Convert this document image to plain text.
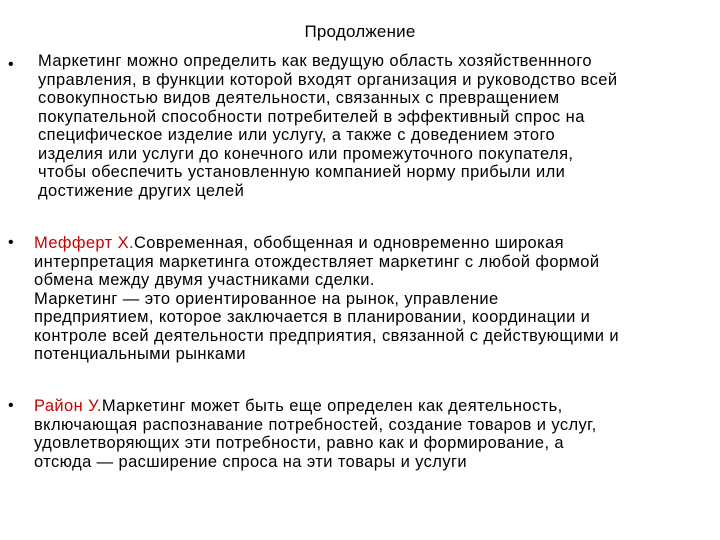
Продолжение
• Маркетинг можно определить как ведущую область хозяйственнного
управления, в функции которой входят организация и руководство всей
совокупностью видов деятельности, связанных с превращением
покупательной способности потребителей в эффективный спрос на
специфическое изделие или услугу, а также с доведением этого
изделия или услуги до конечного или промежуточного покупателя,
чтобы обеспечить установленную компанией норму прибыли или
достижение других целей
• Мефферт Х.Современная, обобщенная и одновременно широкая
интерпретация маркетинга отождествляет маркетинг с любой формой
обмена между двумя участниками сделки.
Маркетинг — это ориентированное на рынок, управление
предприятием, которое заключается в планировании, координации и
контроле всей деятельности предприятия, связанной с действующими и
потенциальными рынками
• Район У.Маркетинг может быть еще определен как деятельность,
включающая распознавание потребностей, создание товаров и услуг,
удовлетворяющих эти потребности, равно как и формирование, а
отсюда — расширение спроса на эти товары и услуги
